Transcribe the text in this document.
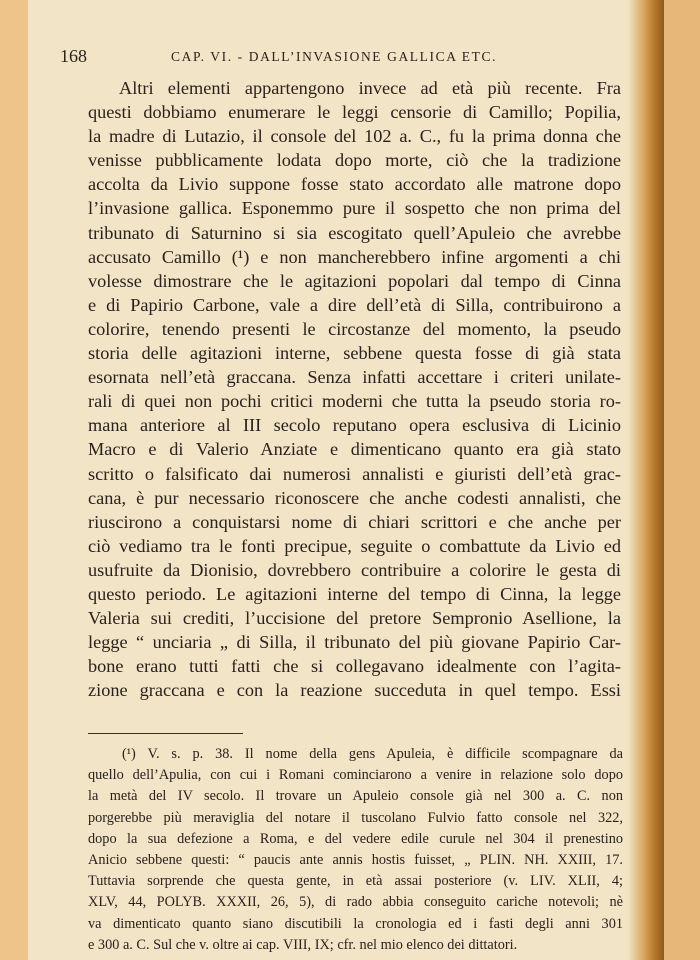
168	CAP. VI. - DALL’INVASIONE GALLICA ETC.
Altri elementi appartengono invece ad età più recente. Fra
questi dobbiamo enumerare le leggi censorie di Camillo; Popilia,
la madre di Lutazio, il console del 102 a. C., fu la prima donna che
venisse pubblicamente lodata dopo morte, ciò che la tradizione
accolta da Livio suppone fosse stato accordato alle matrone dopo
l’invasione gallica. Esponemmo pure il sospetto che non prima del
tribunato di Saturnino si sia escogitato quell’Apuleio che avrebbe
accusato Camillo (¹) e non mancherebbero infine argomenti a chi
volesse dimostrare che le agitazioni popolari dal tempo di Cinna
e di Papirio Carbone, vale a dire dell’età di Silla, contribuirono a
colorire, tenendo presenti le circostanze del momento, la pseudo
storia delle agitazioni interne, sebbene questa fosse di già stata
esornata nell’età graccana. Senza infatti accettare i criteri unilate-
rali di quei non pochi critici moderni che tutta la pseudo storia ro-
mana anteriore al III secolo reputano opera esclusiva di Licinio
Macro e di Valerio Anziate e dimenticano quanto era già stato
scritto o falsificato dai numerosi annalisti e giuristi dell’età grac-
cana, è pur necessario riconoscere che anche codesti annalisti, che
riuscirono a conquistarsi nome di chiari scrittori e che anche per
ciò vediamo tra le fonti precipue, seguite o combattute da Livio ed
usufruite da Dionisio, dovrebbero contribuire a colorire le gesta di
questo periodo. Le agitazioni interne del tempo di Cinna, la legge
Valeria sui crediti, l’uccisione del pretore Sempronio Asellione, la
legge “ unciaria „ di Silla, il tribunato del più giovane Papirio Car-
bone erano tutti fatti che si collegavano idealmente con l’agita-
zione graccana e con la reazione succeduta in quel tempo. Essi
(¹) V. s. p. 38. Il nome della gens Apuleia, è difficile scompagnare da
quello dell’Apulia, con cui i Romani cominciarono a venire in relazione solo dopo
la metà del IV secolo. Il trovare un Apuleio console già nel 300 a. C. non
porgerebbe più meraviglia del notare il tuscolano Fulvio fatto console nel 322,
dopo la sua defezione a Roma, e del vedere edile curule nel 304 il prenestino
Anicio sebbene questi: “ paucis ante annis hostis fuisset, „ PLIN. NH. XXIII, 17.
Tuttavia sorprende che questa gente, in età assai posteriore (v. LIV. XLII, 4;
XLV, 44, POLYB. XXXII, 26, 5), di rado abbia conseguito cariche notevoli; nè
va dimenticato quanto siano discutibili la cronologia ed i fasti degli anni 301
e 300 a. C. Sul che v. oltre ai cap. VIII, IX; cfr. nel mio elenco dei dittatori.
